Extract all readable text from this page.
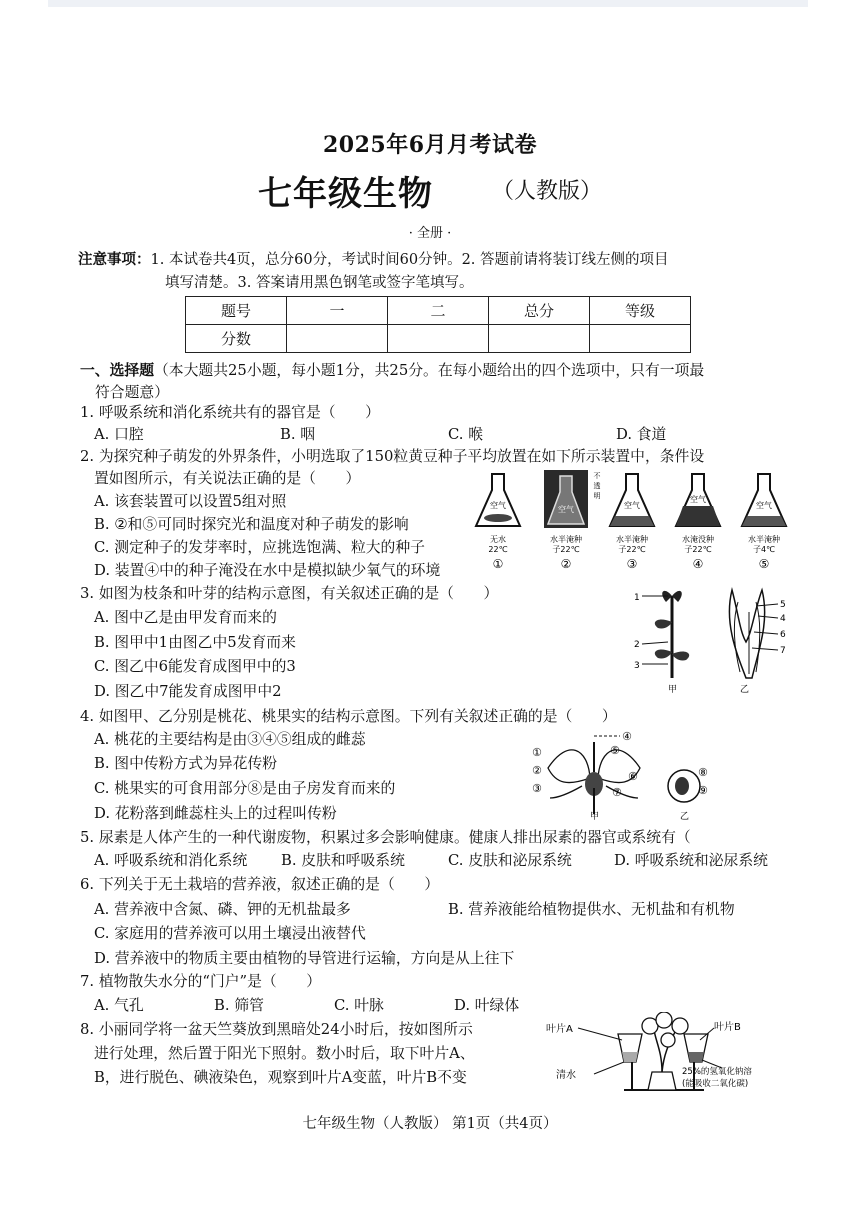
2025年6月月考试卷
七年级生物	（人教版）
· 全册 ·
注意事项：1. 本试卷共4页，总分60分，考试时间60分钟。2. 答题前请将装订线左侧的项目
填写清楚。3. 答案请用黑色钢笔或签字笔填写。
题号	一	二	总分	等级
分数				
一、选择题（本大题共25小题，每小题1分，共25分。在每小题给出的四个选项中，只有一项最
符合题意）
1. 呼吸系统和消化系统共有的器官是（　　）
A. 口腔	B. 咽	C. 喉	D. 食道
2. 为探究种子萌发的外界条件，小明选取了150粒黄豆种子平均放置在如下所示装置中，条件设
置如图所示，有关说法正确的是（　　）
A. 该套装置可以设置5组对照
B. ②和⑤可同时探究光和温度对种子萌发的影响
C. 测定种子的发芽率时，应挑选饱满、粒大的种子
D. 装置④中的种子淹没在水中是模拟缺少氧气的环境
空气
无水
22℃
①
空气
不
透
明
水半淹种
子22℃
②
空气
水半淹种
子22℃
③
空气
水淹没种
子22℃
④
空气
水半淹种
子4℃
⑤
3. 如图为枝条和叶芽的结构示意图，有关叙述正确的是（　　）
A. 图中乙是由甲发育而来的
B. 图甲中1由图乙中5发育而来
C. 图乙中6能发育成图甲中的3
D. 图乙中7能发育成图甲中2
1
2
3
甲
5
4
6
7
乙
4. 如图甲、乙分别是桃花、桃果实的结构示意图。下列有关叙述正确的是（　　）
A. 桃花的主要结构是由③④⑤组成的雌蕊
B. 图中传粉方式为异花传粉
C. 桃果实的可食用部分⑧是由子房发育而来的
D. 花粉落到雌蕊柱头上的过程叫传粉
①
②
③
④
⑤
⑥
⑦
甲
⑧
⑨
乙
5. 尿素是人体产生的一种代谢废物，积累过多会影响健康。健康人排出尿素的器官或系统有（
A. 呼吸系统和消化系统 B. 皮肤和呼吸系统	C. 皮肤和泌尿系统	D. 呼吸系统和泌尿系统
6. 下列关于无土栽培的营养液，叙述正确的是（　　）
A. 营养液中含氮、磷、钾的无机盐最多	B. 营养液能给植物提供水、无机盐和有机物
C. 家庭用的营养液可以用土壤浸出液替代
D. 营养液中的物质主要由植物的导管进行运输，方向是从上往下
7. 植物散失水分的“门户”是（　　）
A. 气孔	B. 筛管	C. 叶脉	D. 叶绿体
8. 小丽同学将一盆天竺葵放到黑暗处24小时后，按如图所示
进行处理，然后置于阳光下照射。数小时后，取下叶片A、
B，进行脱色、碘液染色，观察到叶片A变蓝，叶片B不变
叶片A	叶片B
清水	25%的氢氧化钠溶
(能吸收二氧化碳)
七年级生物（人教版） 第1页（共4页）
